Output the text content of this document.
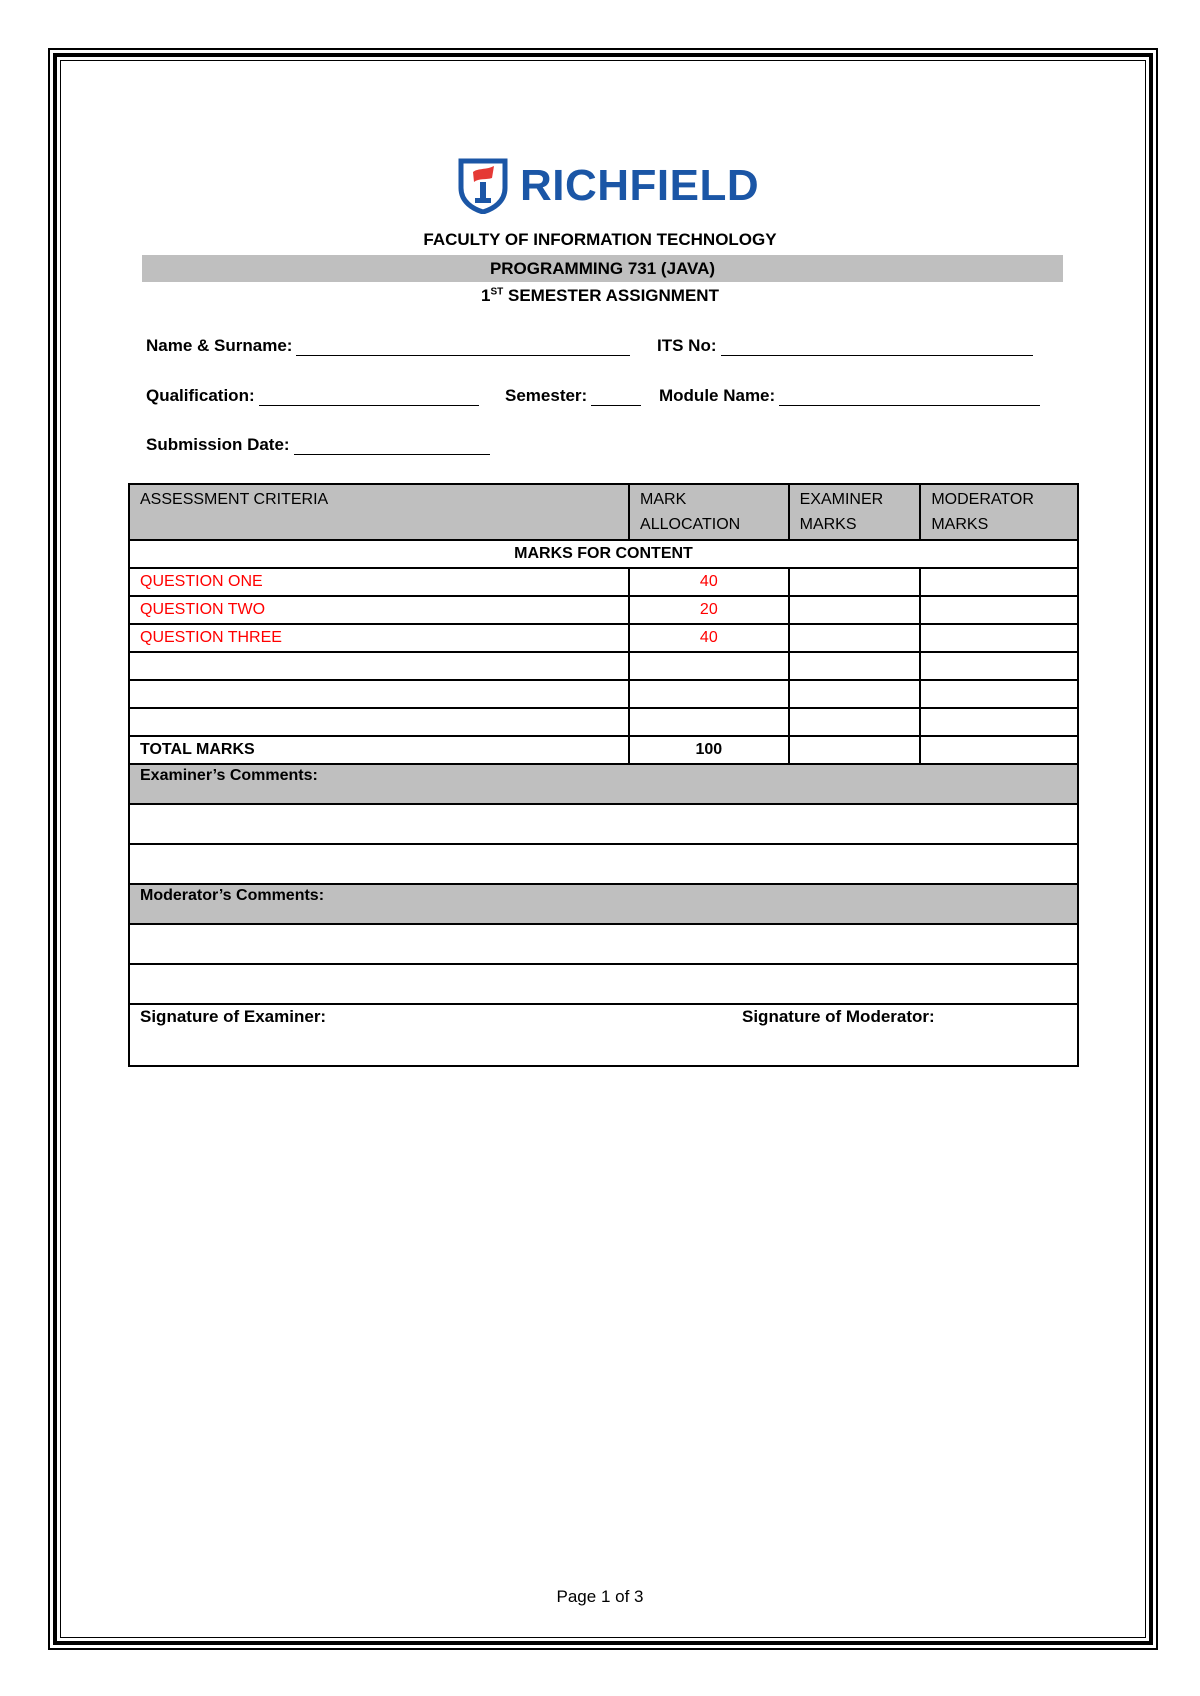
RICHFIELD
FACULTY OF INFORMATION TECHNOLOGY
PROGRAMMING 731 (JAVA)
1ST SEMESTER ASSIGNMENT
Name & Surname:	ITS No:
Qualification:	Semester:	Module Name:
Submission Date:
ASSESSMENT CRITERIA	MARK ALLOCATION	EXAMINER MARKS	MODERATOR MARKS
MARKS FOR CONTENT			
QUESTION ONE	40		
QUESTION TWO	20		
QUESTION THREE	40		

TOTAL MARKS	100		
Examiner’s Comments:			

Moderator’s Comments:			

Signature of Examiner: Signature of Moderator:			
Page 1 of 3
